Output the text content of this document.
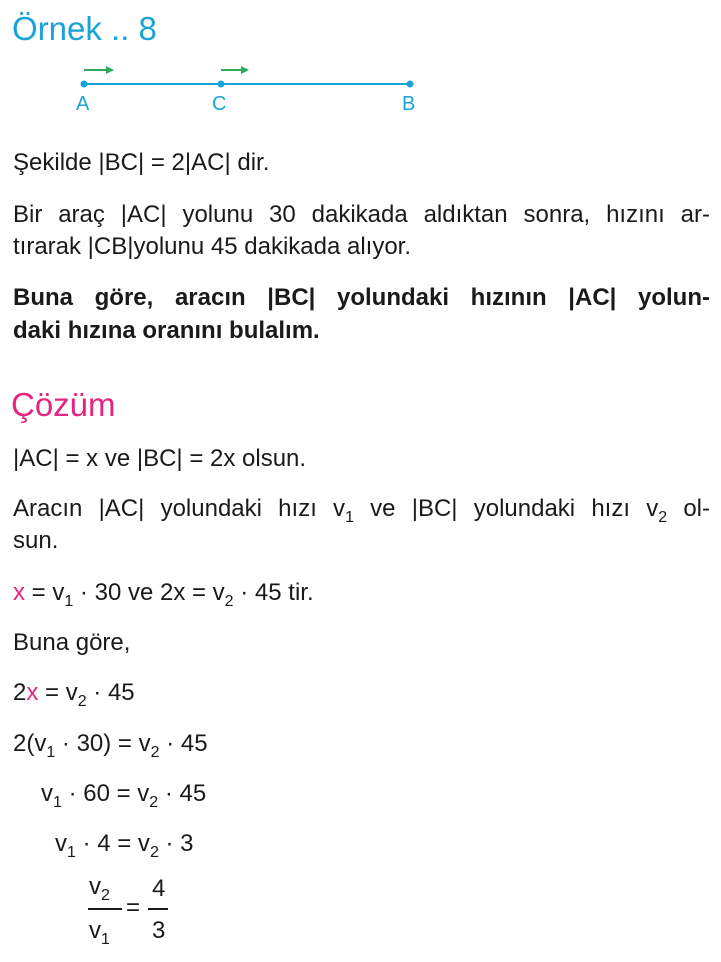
Örnek .. 8
A	C	B
Şekilde |BC| = 2|AC| dir.
Bir araç |AC| yolunu 30 dakikada aldıktan sonra, hızını ar-
tırarak |CB|yolunu 45 dakikada alıyor.
Buna göre, aracın |BC| yolundaki hızının |AC| yolun-
daki hızına oranını bulalım.
Çözüm
|AC| = x ve |BC| = 2x olsun.
Aracın |AC| yolundaki hızı $v_1$ ve |BC| yolundaki hızı $v_2$ ol-
sun.
$x = v_1 \cdot 30$ ve $2x = v_2 \cdot 45$ tir.
Buna göre,
$2x = v_2 \cdot 45$
$2(v_1 \cdot 30) = v_2 \cdot 45$
$v_1 \cdot 60 = v_2 \cdot 45$
$v_1 \cdot 4 = v_2 \cdot 3$
$v_2$
$v_1$
=
4
3
